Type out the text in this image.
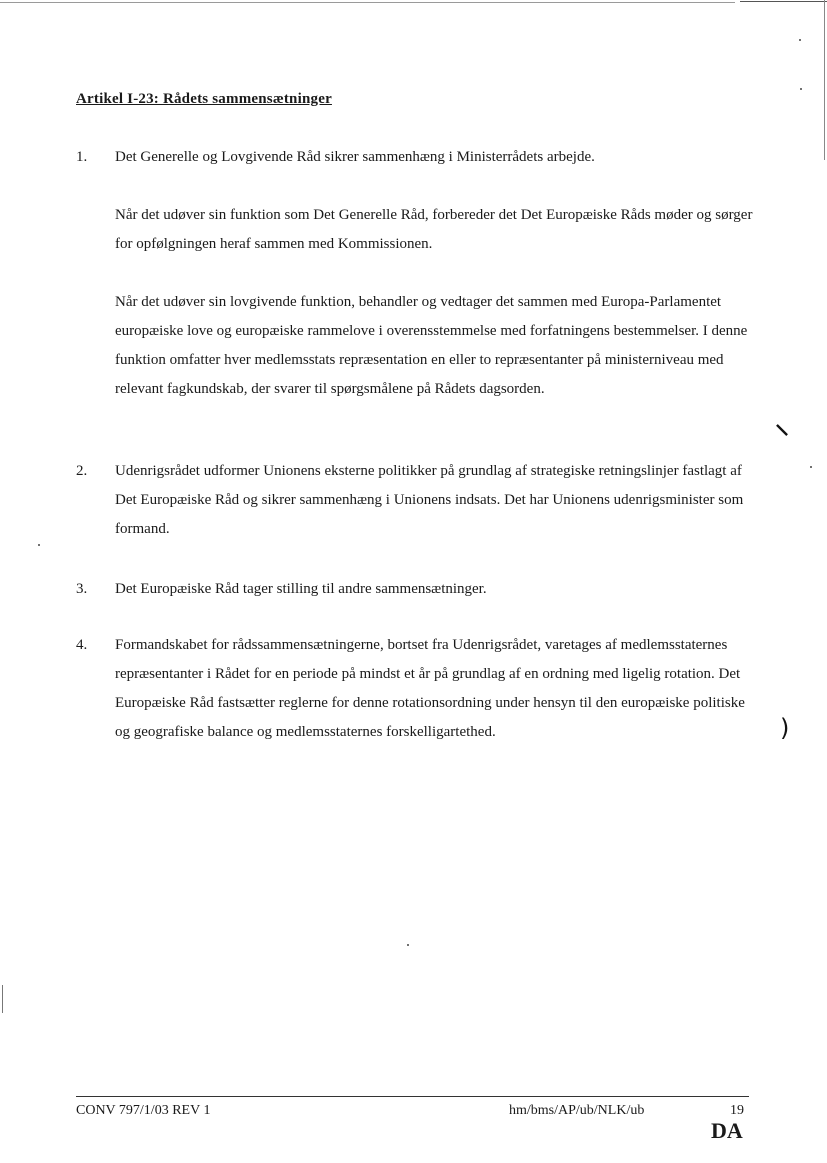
⸜
)
Artikel I-23: Rådets sammensætninger
1.	Det Generelle og Lovgivende Råd sikrer sammenhæng i Ministerrådets arbejde.

Når det udøver sin funktion som Det Generelle Råd, forbereder det Det Europæiske Råds møder og sørger for opfølgningen heraf sammen med Kommissionen.

Når det udøver sin lovgivende funktion, behandler og vedtager det sammen med Europa-Parlamentet europæiske love og europæiske rammelove i overensstemmelse med forfatningens bestemmelser. I denne funktion omfatter hver medlemsstats repræsentation en eller to repræsentanter på ministerniveau med relevant fagkundskab, der svarer til spørgsmålene på Rådets dagsorden.

2.	Udenrigsrådet udformer Unionens eksterne politikker på grundlag af strategiske retningslinjer fastlagt af Det Europæiske Råd og sikrer sammenhæng i Unionens indsats. Det har Unionens udenrigsminister som formand.

3.	Det Europæiske Råd tager stilling til andre sammensætninger.

4.	Formandskabet for rådssammensætningerne, bortset fra Udenrigsrådet, varetages af medlemsstaternes repræsentanter i Rådet for en periode på mindst et år på grundlag af en ordning med ligelig rotation. Det Europæiske Råd fastsætter reglerne for denne rotationsordning under hensyn til den europæiske politiske og geografiske balance og medlemsstaternes forskelligartethed.

CONV 797/1/03 REV 1	hm/bms/AP/ub/NLK/ub	19
DA
